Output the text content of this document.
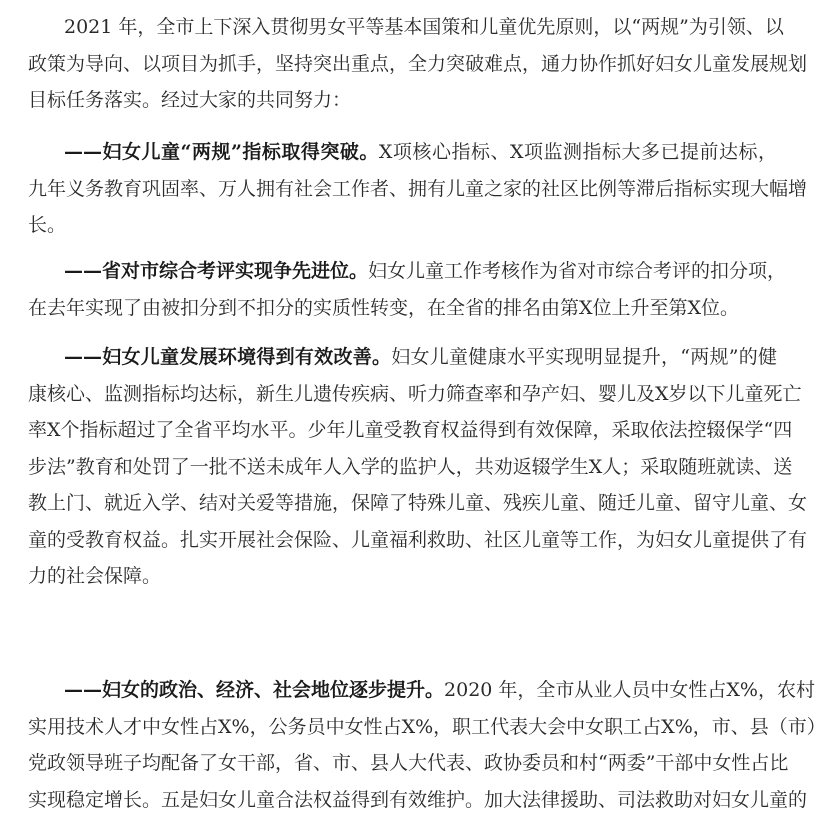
2021 年，全市上下深入贯彻男女平等基本国策和儿童优先原则，以“两规”为引领、以
政策为导向、以项目为抓手，坚持突出重点，全力突破难点，通力协作抓好妇女儿童发展规划
目标任务落实。经过大家的共同努力：
——妇女儿童“两规”指标取得突破。X项核心指标、X项监测指标大多已提前达标，
九年义务教育巩固率、万人拥有社会工作者、拥有儿童之家的社区比例等滞后指标实现大幅增
长。
——省对市综合考评实现争先进位。妇女儿童工作考核作为省对市综合考评的扣分项，
在去年实现了由被扣分到不扣分的实质性转变，在全省的排名由第X位上升至第X位。
——妇女儿童发展环境得到有效改善。妇女儿童健康水平实现明显提升，“两规”的健
康核心、监测指标均达标，新生儿遗传疾病、听力筛查率和孕产妇、婴儿及X岁以下儿童死亡
率X个指标超过了全省平均水平。少年儿童受教育权益得到有效保障，采取依法控辍保学“四
步法”教育和处罚了一批不送未成年人入学的监护人，共劝返辍学生X人；采取随班就读、送
教上门、就近入学、结对关爱等措施，保障了特殊儿童、残疾儿童、随迁儿童、留守儿童、女
童的受教育权益。扎实开展社会保险、儿童福利救助、社区儿童等工作，为妇女儿童提供了有
力的社会保障。
——妇女的政治、经济、社会地位逐步提升。2020 年，全市从业人员中女性占X%，农村
实用技术人才中女性占X%，公务员中女性占X%，职工代表大会中女职工占X%，市、县（市）
党政领导班子均配备了女干部，省、市、县人大代表、政协委员和村“两委”干部中女性占比
实现稳定增长。五是妇女儿童合法权益得到有效维护。加大法律援助、司法救助对妇女儿童的
